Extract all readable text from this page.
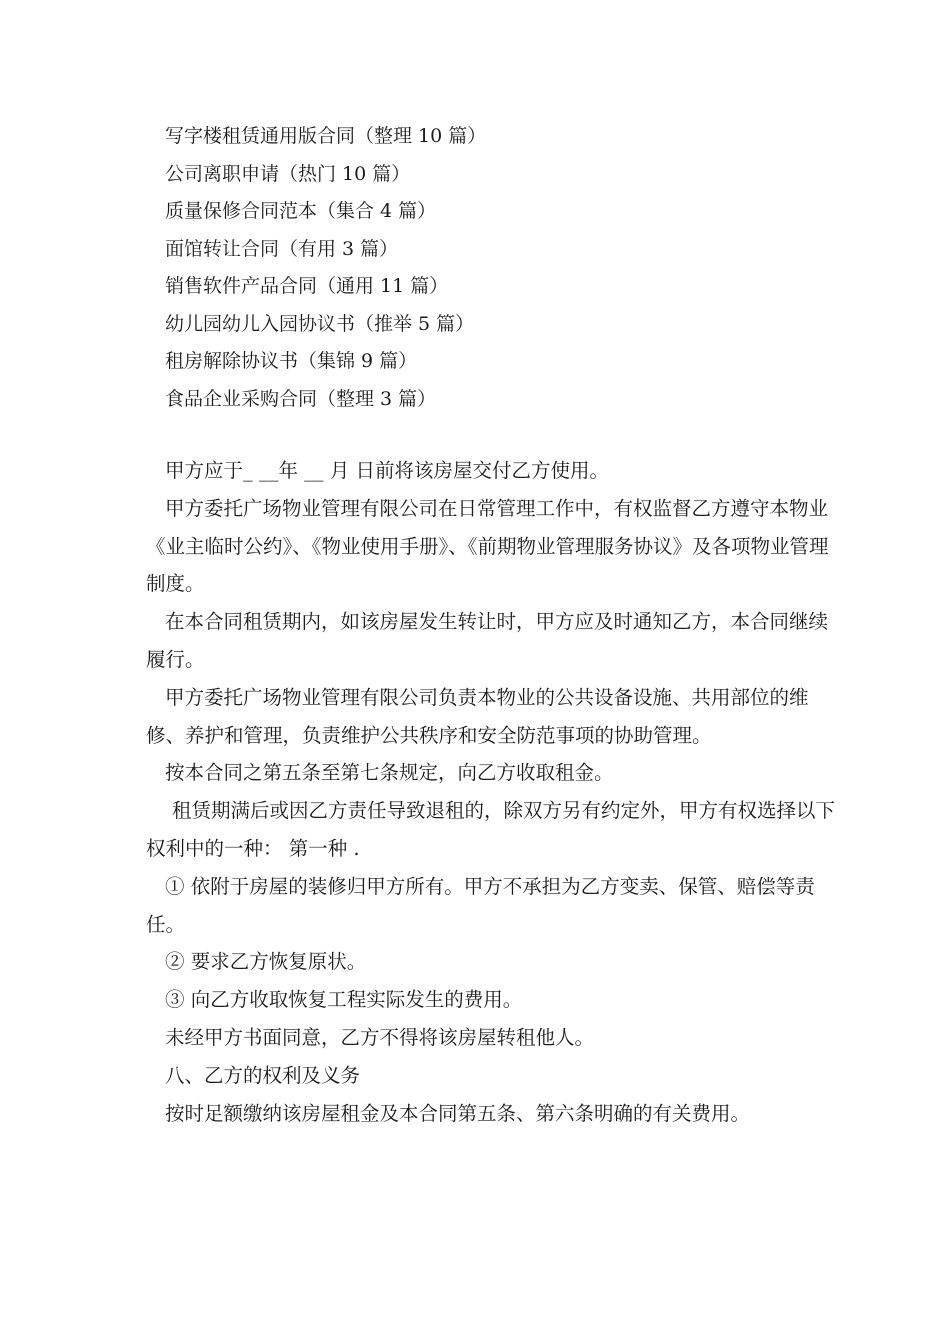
写字楼租赁通用版合同（整理 10 篇）
公司离职申请（热门 10 篇）
质量保修合同范本（集合 4 篇）
面馆转让合同（有用 3 篇）
销售软件产品合同（通用 11 篇）
幼儿园幼儿入园协议书（推举 5 篇）
租房解除协议书（集锦 9 篇）
食品企业采购合同（整理 3 篇）

甲方应于_ __年 __ 月 日前将该房屋交付乙方使用。

甲方委托广场物业管理有限公司在日常管理工作中，有权监督乙方遵守本物业《业主临时公约》、《物业使用手册》、《前期物业管理服务协议》及各项物业管理制度。

在本合同租赁期内，如该房屋发生转让时，甲方应及时通知乙方，本合同继续履行。

甲方委托广场物业管理有限公司负责本物业的公共设备设施、共用部位的维修、养护和管理，负责维护公共秩序和安全防范事项的协助管理。

按本合同之第五条至第七条规定，向乙方收取租金。

租赁期满后或因乙方责任导致退租的，除双方另有约定外，甲方有权选择以下权利中的一种： 第一种 .

① 依附于房屋的装修归甲方所有。甲方不承担为乙方变卖、保管、赔偿等责任。

② 要求乙方恢复原状。

③ 向乙方收取恢复工程实际发生的费用。

未经甲方书面同意，乙方不得将该房屋转租他人。

八、乙方的权利及义务

按时足额缴纳该房屋租金及本合同第五条、第六条明确的有关费用。
